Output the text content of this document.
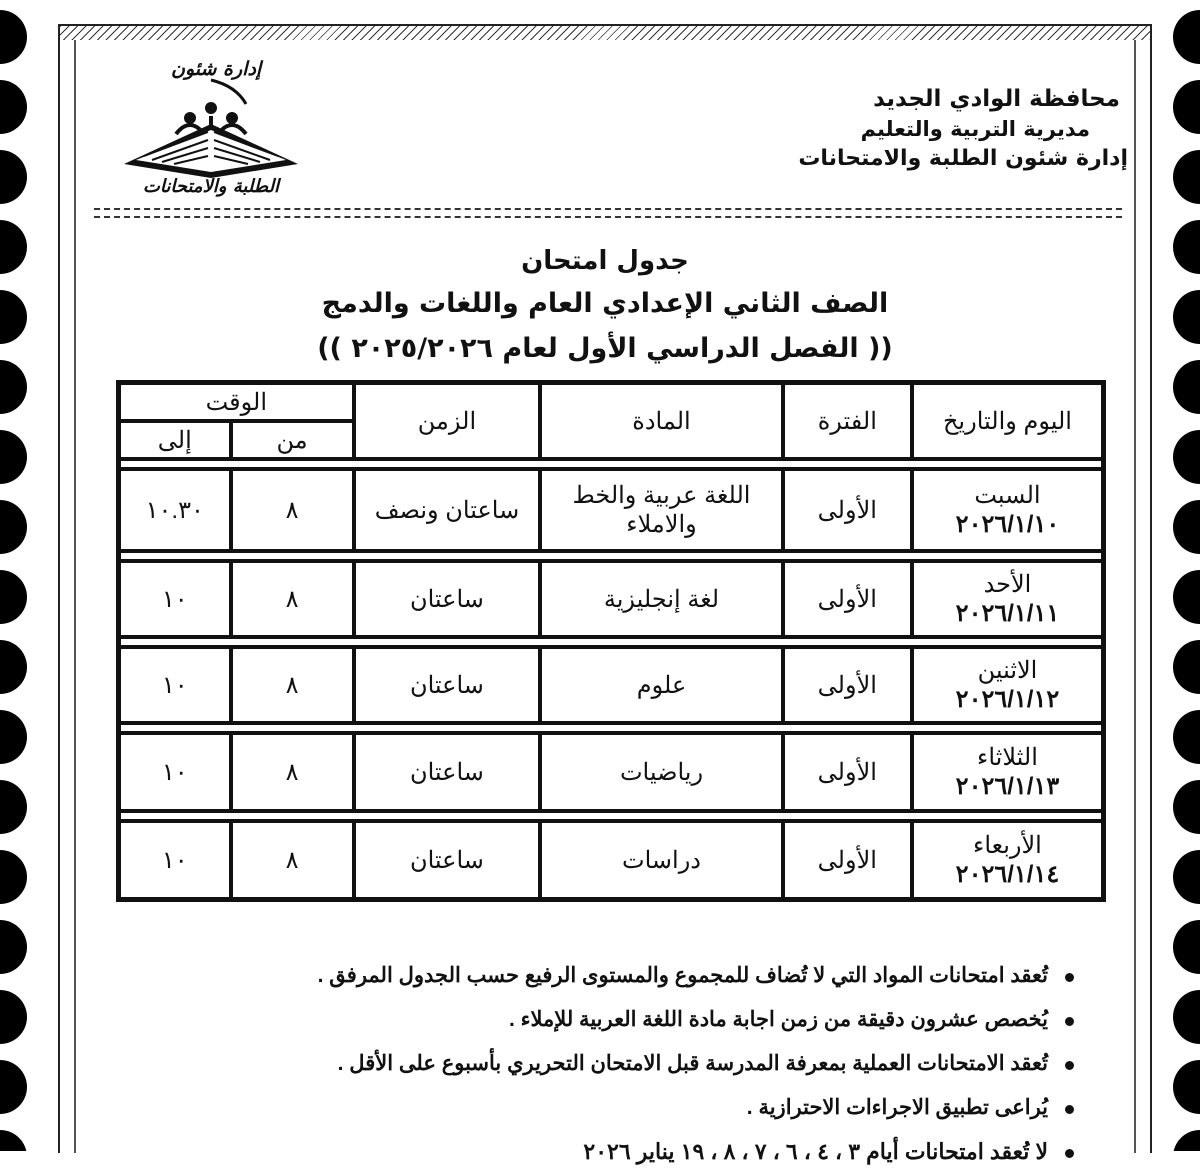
محافظة الوادي الجديد
مديرية التربية والتعليم
إدارة شئون الطلبة والامتحانات
إدارة شئون
الطلبة والامتحانات
جدول امتحان
الصف الثاني الإعدادي العام واللغات والدمج
(( الفصل الدراسي الأول لعام ٢٠٢٥/٢٠٢٦ ))
اليوم والتاريخ	الفترة	المادة	الزمن	الوقت	
				من	إلى

السبت
٢٠٢٦/١/١٠	الأولى	اللغة عربية والخط والاملاء	ساعتان ونصف	٨	١٠.٣٠

الأحد
٢٠٢٦/١/١١	الأولى	لغة إنجليزية	ساعتان	٨	١٠

الاثنين
٢٠٢٦/١/١٢	الأولى	علوم	ساعتان	٨	١٠

الثلاثاء
٢٠٢٦/١/١٣	الأولى	رياضيات	ساعتان	٨	١٠

الأربعاء
٢٠٢٦/١/١٤	الأولى	دراسات	ساعتان	٨	١٠
تُعقد امتحانات المواد التي لا تُضاف للمجموع والمستوى الرفيع حسب الجدول المرفق .
يُخصص عشرون دقيقة من زمن اجابة مادة اللغة العربية للإملاء .
تُعقد الامتحانات العملية بمعرفة المدرسة قبل الامتحان التحريري بأسبوع على الأقل .
يُراعى تطبيق الاجراءات الاحترازية .
لا تُعقد امتحانات أيام ٣ ، ٤ ، ٦ ، ٧ ، ٨ ، ١٩ يناير ٢٠٢٦
